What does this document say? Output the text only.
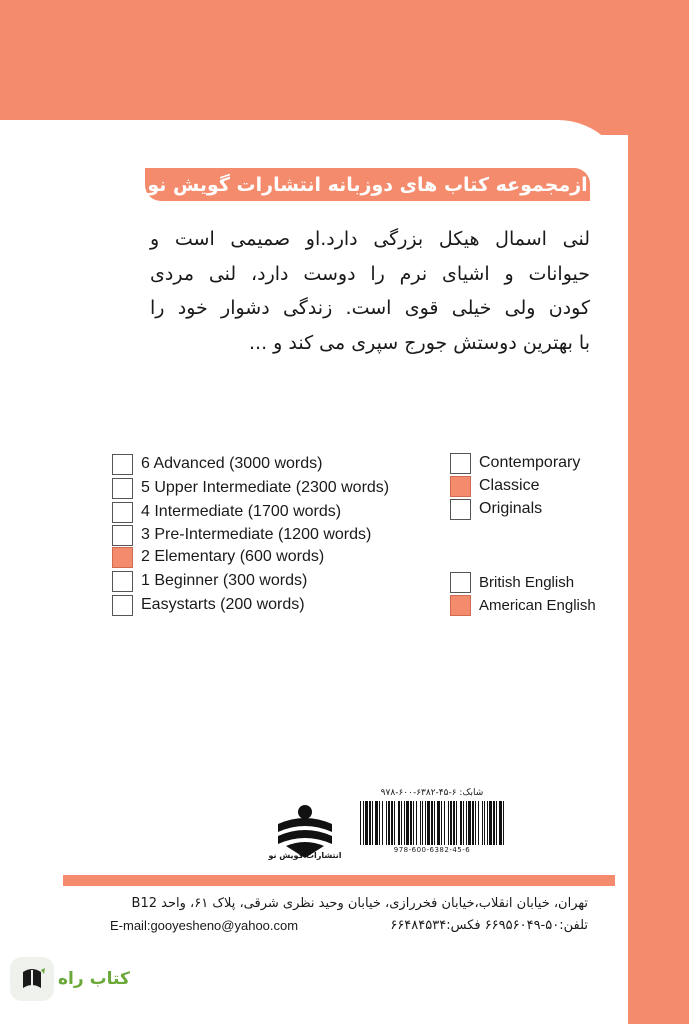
ازمجموعه کتاب های دوزبانه انتشارات گویش نو

لنی اسمال هیکل بزرگی دارد.او صمیمی است و
حیوانات و اشیای نرم را دوست دارد، لنی مردی
کودن ولی خیلی قوی است. زندگی دشوار خود را
با بهترین دوستش جورج سپری می کند و ...

6 Advanced (3000 words)
5 Upper Intermediate (2300 words)
4 Intermediate (1700 words)
3 Pre-Intermediate (1200 words)
2 Elementary (600 words)
1 Beginner (300 words)
Easystarts (200 words)
Contemporary
Classice
Originals
British English
American English
شابک: ۶-۴۵-۶۳۸۲-۶۰۰-۹۷۸
978-600-6382-45-6
انتشارات گویش نو

تهران، خیابان انقلاب،خیابان فخررازی، خیابان وحید نظری شرقی، پلاک ۶۱، واحد B12

تلفن:۵۰-۶۶۹۵۶۰۴۹ فکس:۶۶۴۸۴۵۳۴

E-mail:gooyesheno@yahoo.com

کتاب راه
